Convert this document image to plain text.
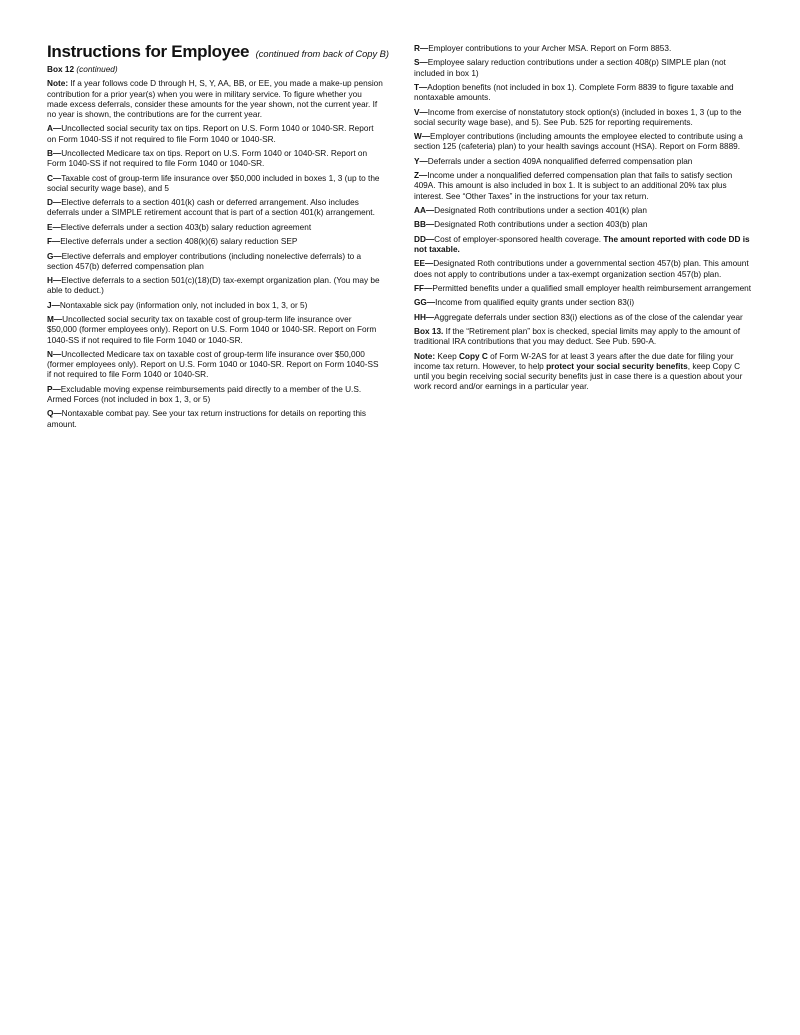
Instructions for Employee (continued from back of Copy B)

Box 12 (continued)

Note: If a year follows code D through H, S, Y, AA, BB, or EE, you made a make-up pension contribution for a prior year(s) when you were in military service. To figure whether you made excess deferrals, consider these amounts for the year shown, not the current year. If no year is shown, the contributions are for the current year.

A—Uncollected social security tax on tips. Report on U.S. Form 1040 or 1040-SR. Report on Form 1040-SS if not required to file Form 1040 or 1040-SR.

B—Uncollected Medicare tax on tips. Report on U.S. Form 1040 or 1040-SR. Report on Form 1040-SS if not required to file Form 1040 or 1040-SR.

C—Taxable cost of group-term life insurance over $50,000 included in boxes 1, 3 (up to the social security wage base), and 5

D—Elective deferrals to a section 401(k) cash or deferred arrangement. Also includes deferrals under a SIMPLE retirement account that is part of a section 401(k) arrangement.

E—Elective deferrals under a section 403(b) salary reduction agreement

F—Elective deferrals under a section 408(k)(6) salary reduction SEP

G—Elective deferrals and employer contributions (including nonelective deferrals) to a section 457(b) deferred compensation plan

H—Elective deferrals to a section 501(c)(18)(D) tax-exempt organization plan. (You may be able to deduct.)

J—Nontaxable sick pay (information only, not included in box 1, 3, or 5)

M—Uncollected social security tax on taxable cost of group-term life insurance over $50,000 (former employees only). Report on U.S. Form 1040 or 1040-SR. Report on Form 1040-SS if not required to file Form 1040 or 1040-SR.

N—Uncollected Medicare tax on taxable cost of group-term life insurance over $50,000 (former employees only). Report on U.S. Form 1040 or 1040-SR. Report on Form 1040-SS if not required to file Form 1040 or 1040-SR.

P—Excludable moving expense reimbursements paid directly to a member of the U.S. Armed Forces (not included in box 1, 3, or 5)

Q—Nontaxable combat pay. See your tax return instructions for details on reporting this amount.

R—Employer contributions to your Archer MSA. Report on Form 8853.

S—Employee salary reduction contributions under a section 408(p) SIMPLE plan (not included in box 1)

T—Adoption benefits (not included in box 1). Complete Form 8839 to figure taxable and nontaxable amounts.

V—Income from exercise of nonstatutory stock option(s) (included in boxes 1, 3 (up to the social security wage base), and 5). See Pub. 525 for reporting requirements.

W—Employer contributions (including amounts the employee elected to contribute using a section 125 (cafeteria) plan) to your health savings account (HSA). Report on Form 8889.

Y—Deferrals under a section 409A nonqualified deferred compensation plan

Z—Income under a nonqualified deferred compensation plan that fails to satisfy section 409A. This amount is also included in box 1. It is subject to an additional 20% tax plus interest. See “Other Taxes” in the instructions for your tax return.

AA—Designated Roth contributions under a section 401(k) plan

BB—Designated Roth contributions under a section 403(b) plan

DD—Cost of employer-sponsored health coverage. The amount reported with code DD is not taxable.

EE—Designated Roth contributions under a governmental section 457(b) plan. This amount does not apply to contributions under a tax-exempt organization section 457(b) plan.

FF—Permitted benefits under a qualified small employer health reimbursement arrangement

GG—Income from qualified equity grants under section 83(i)

HH—Aggregate deferrals under section 83(i) elections as of the close of the calendar year

Box 13. If the “Retirement plan” box is checked, special limits may apply to the amount of traditional IRA contributions that you may deduct. See Pub. 590-A.

Note: Keep Copy C of Form W-2AS for at least 3 years after the due date for filing your income tax return. However, to help protect your social security benefits, keep Copy C until you begin receiving social security benefits just in case there is a question about your work record and/or earnings in a particular year.
